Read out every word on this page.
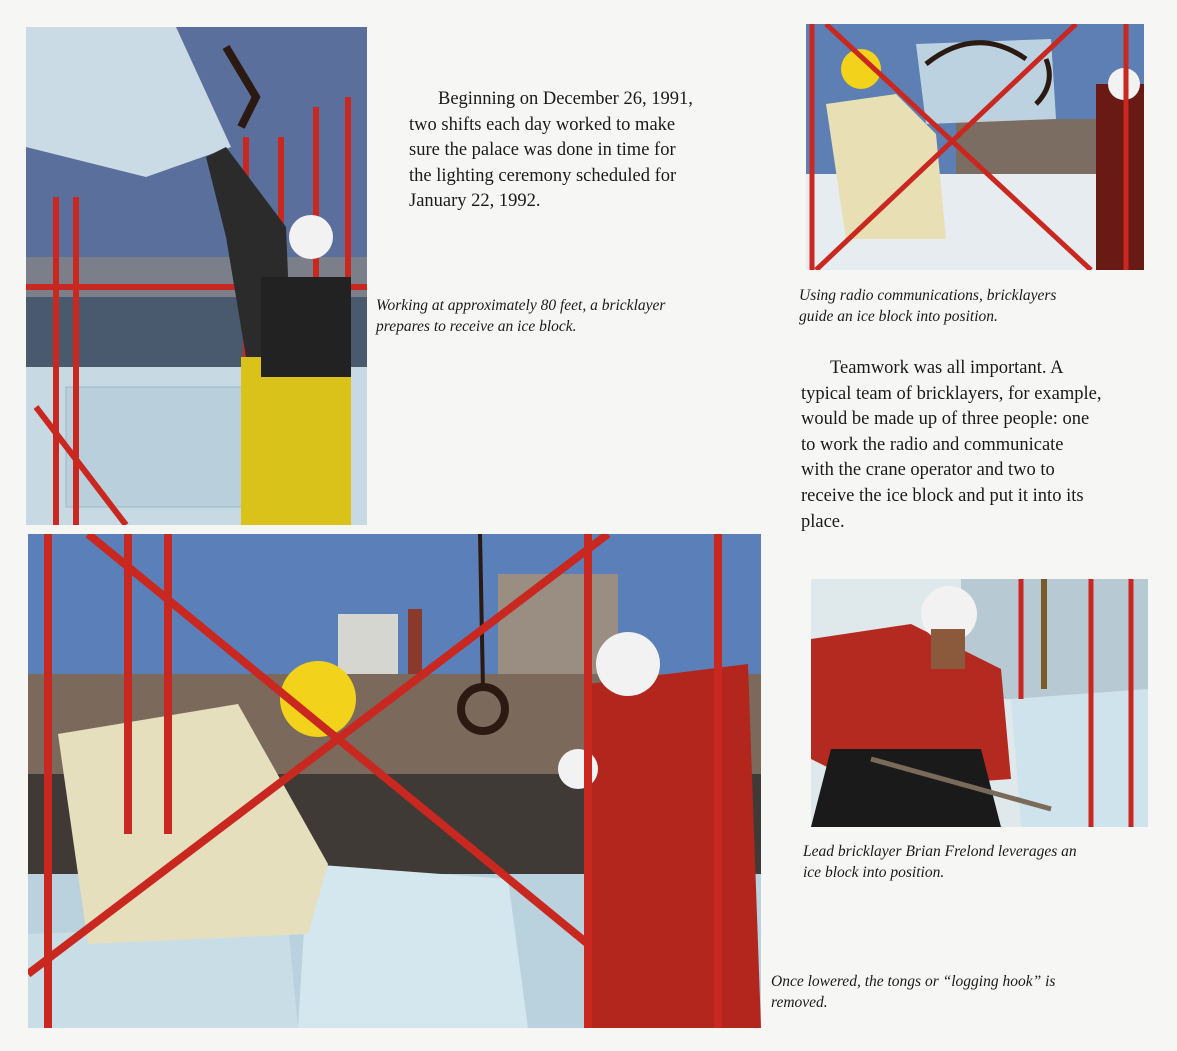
Beginning on December 26, 1991,
two shifts each day worked to make
sure the palace was done in time for
the lighting ceremony scheduled for
January 22, 1992.

Working at approximately 80 feet, a bricklayer
prepares to receive an ice block.

Using radio communications, bricklayers
guide an ice block into position.

Teamwork was all important. A
typical team of bricklayers, for example,
would be made up of three people: one
to work the radio and communicate
with the crane operator and two to
receive the ice block and put it into its
place.

Lead bricklayer Brian Frelond leverages an
ice block into position.

Once lowered, the tongs or “logging hook” is
removed.
